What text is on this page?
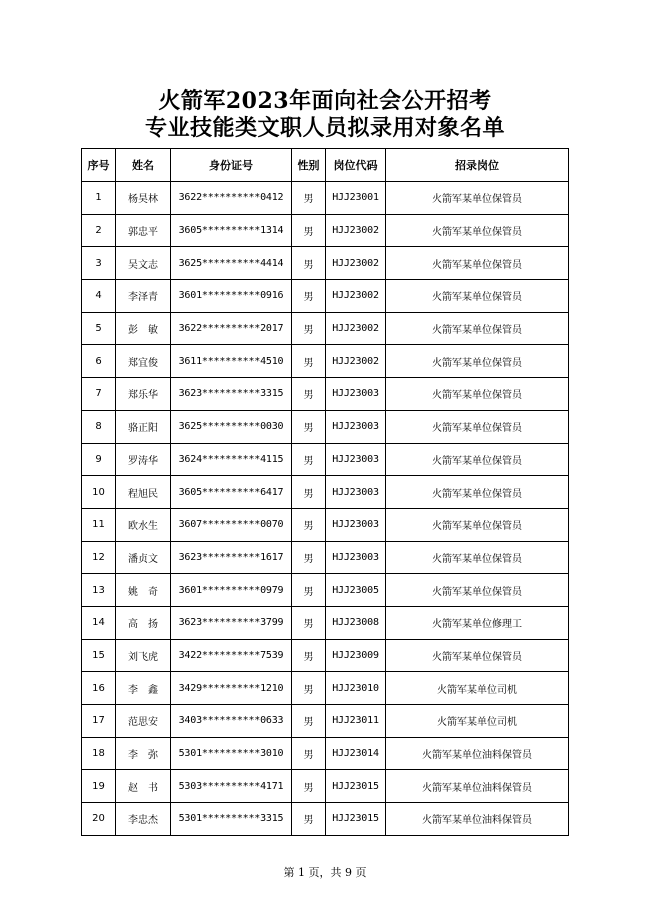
火箭军2023年面向社会公开招考
专业技能类文职人员拟录用对象名单
序号	姓名	身份证号	性别	岗位代码	招录岗位
1	杨昊林	3622**********0412	男	HJJ23001	火箭军某单位保管员
2	郭忠平	3605**********1314	男	HJJ23002	火箭军某单位保管员
3	吴文志	3625**********4414	男	HJJ23002	火箭军某单位保管员
4	李泽青	3601**********0916	男	HJJ23002	火箭军某单位保管员
5	彭　敏	3622**********2017	男	HJJ23002	火箭军某单位保管员
6	郑宜俊	3611**********4510	男	HJJ23002	火箭军某单位保管员
7	郑乐华	3623**********3315	男	HJJ23003	火箭军某单位保管员
8	骆正阳	3625**********0030	男	HJJ23003	火箭军某单位保管员
9	罗涛华	3624**********4115	男	HJJ23003	火箭军某单位保管员
10	程旭民	3605**********6417	男	HJJ23003	火箭军某单位保管员
11	欧水生	3607**********0070	男	HJJ23003	火箭军某单位保管员
12	潘贞文	3623**********1617	男	HJJ23003	火箭军某单位保管员
13	姚　奇	3601**********0979	男	HJJ23005	火箭军某单位保管员
14	高　扬	3623**********3799	男	HJJ23008	火箭军某单位修理工
15	刘飞虎	3422**********7539	男	HJJ23009	火箭军某单位保管员
16	李　鑫	3429**********1210	男	HJJ23010	火箭军某单位司机
17	范思安	3403**********0633	男	HJJ23011	火箭军某单位司机
18	李　弥	5301**********3010	男	HJJ23014	火箭军某单位油料保管员
19	赵　书	5303**********4171	男	HJJ23015	火箭军某单位油料保管员
20	李忠杰	5301**********3315	男	HJJ23015	火箭军某单位油料保管员
第 1 页，共 9 页
